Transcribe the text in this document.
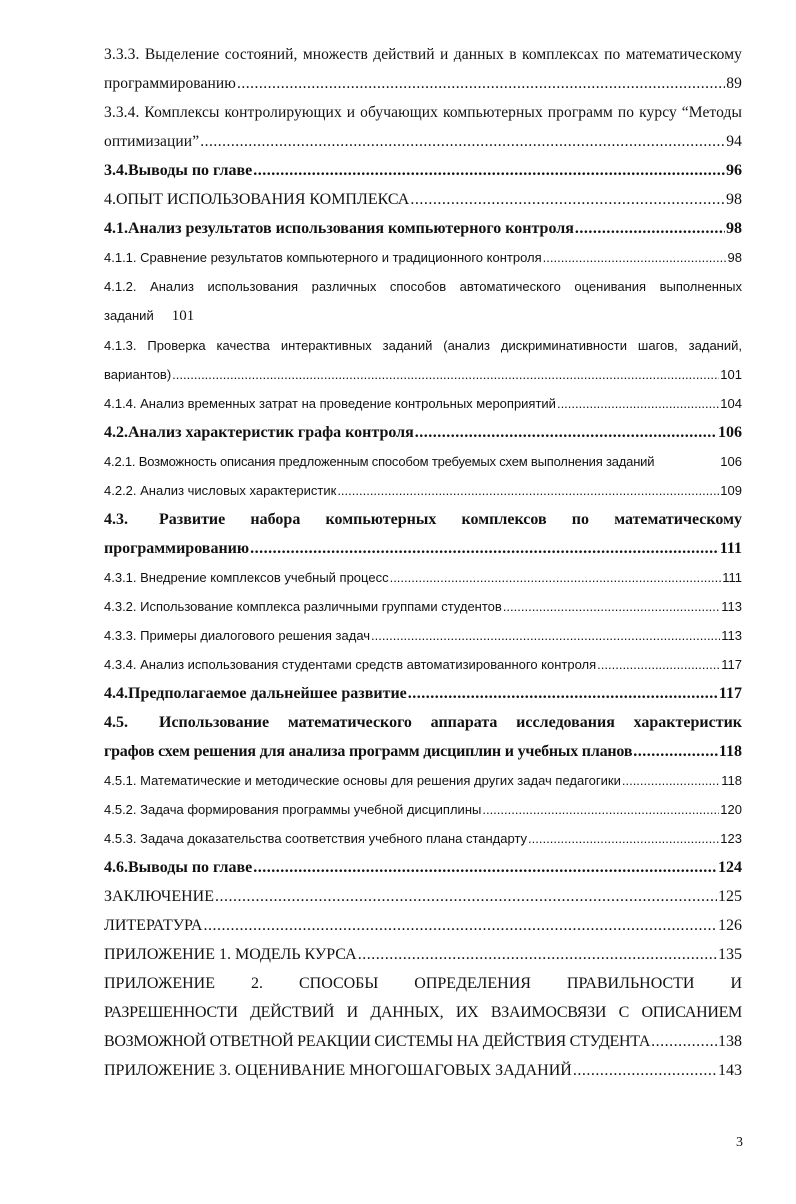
3.3.3. Выделение состояний, множеств действий и данных в комплексах по математическому
программированию .....	89
3.3.4. Комплексы контролирующих и обучающих компьютерных программ по курсу “Методы
оптимизации” .....	94
3.4. Выводы по главе .....	96
4. ОПЫТ ИСПОЛЬЗОВАНИЯ КОМПЛЕКСА .....	98
4.1. Анализ результатов использования компьютерного контроля .....	98
4.1.1. Сравнение результатов компьютерного и традиционного контроля .....	98
4.1.2. Анализ использования различных способов автоматического оценивания выполненных
заданий 101
4.1.3. Проверка качества интерактивных заданий (анализ дискриминативности шагов, заданий,
вариантов) .....	101
4.1.4. Анализ временных затрат на проведение контрольных мероприятий .....	104
4.2. Анализ характеристик графа контроля .....	106
4.2.1. Возможность описания предложенным способом требуемых схем выполнения заданий	106
4.2.2. Анализ числовых характеристик .....	109
4.3.	Развитие набора компьютерных комплексов по математическому
программированию .....	111
4.3.1. Внедрение комплексов учебный процесс .....	111
4.3.2. Использование комплекса различными группами студентов .....	113
4.3.3. Примеры диалогового решения задач .....	113
4.3.4. Анализ использования студентами средств автоматизированного контроля .....	117
4.4. Предполагаемое дальнейшее развитие .....	117
4.5.	Использование математического аппарата исследования характеристик
графов схем решения для анализа программ дисциплин и учебных планов .....	118
4.5.1. Математические и методические основы для решения других задач педагогики .....	118
4.5.2. Задача формирования программы учебной дисциплины .....	120
4.5.3. Задача доказательства соответствия учебного плана стандарту .....	123
4.6. Выводы по главе .....	124
ЗАКЛЮЧЕНИЕ .....	125
ЛИТЕРАТУРА .....	126
ПРИЛОЖЕНИЕ 1. МОДЕЛЬ КУРСА .....	135
ПРИЛОЖЕНИЕ 2. СПОСОБЫ ОПРЕДЕЛЕНИЯ ПРАВИЛЬНОСТИ И
РАЗРЕШЕННОСТИ ДЕЙСТВИЙ И ДАННЫХ, ИХ ВЗАИМОСВЯЗИ С ОПИСАНИЕМ
ВОЗМОЖНОЙ ОТВЕТНОЙ РЕАКЦИИ СИСТЕМЫ НА ДЕЙСТВИЯ СТУДЕНТА .....	138
ПРИЛОЖЕНИЕ 3. ОЦЕНИВАНИЕ МНОГОШАГОВЫХ ЗАДАНИЙ .....	143
3
